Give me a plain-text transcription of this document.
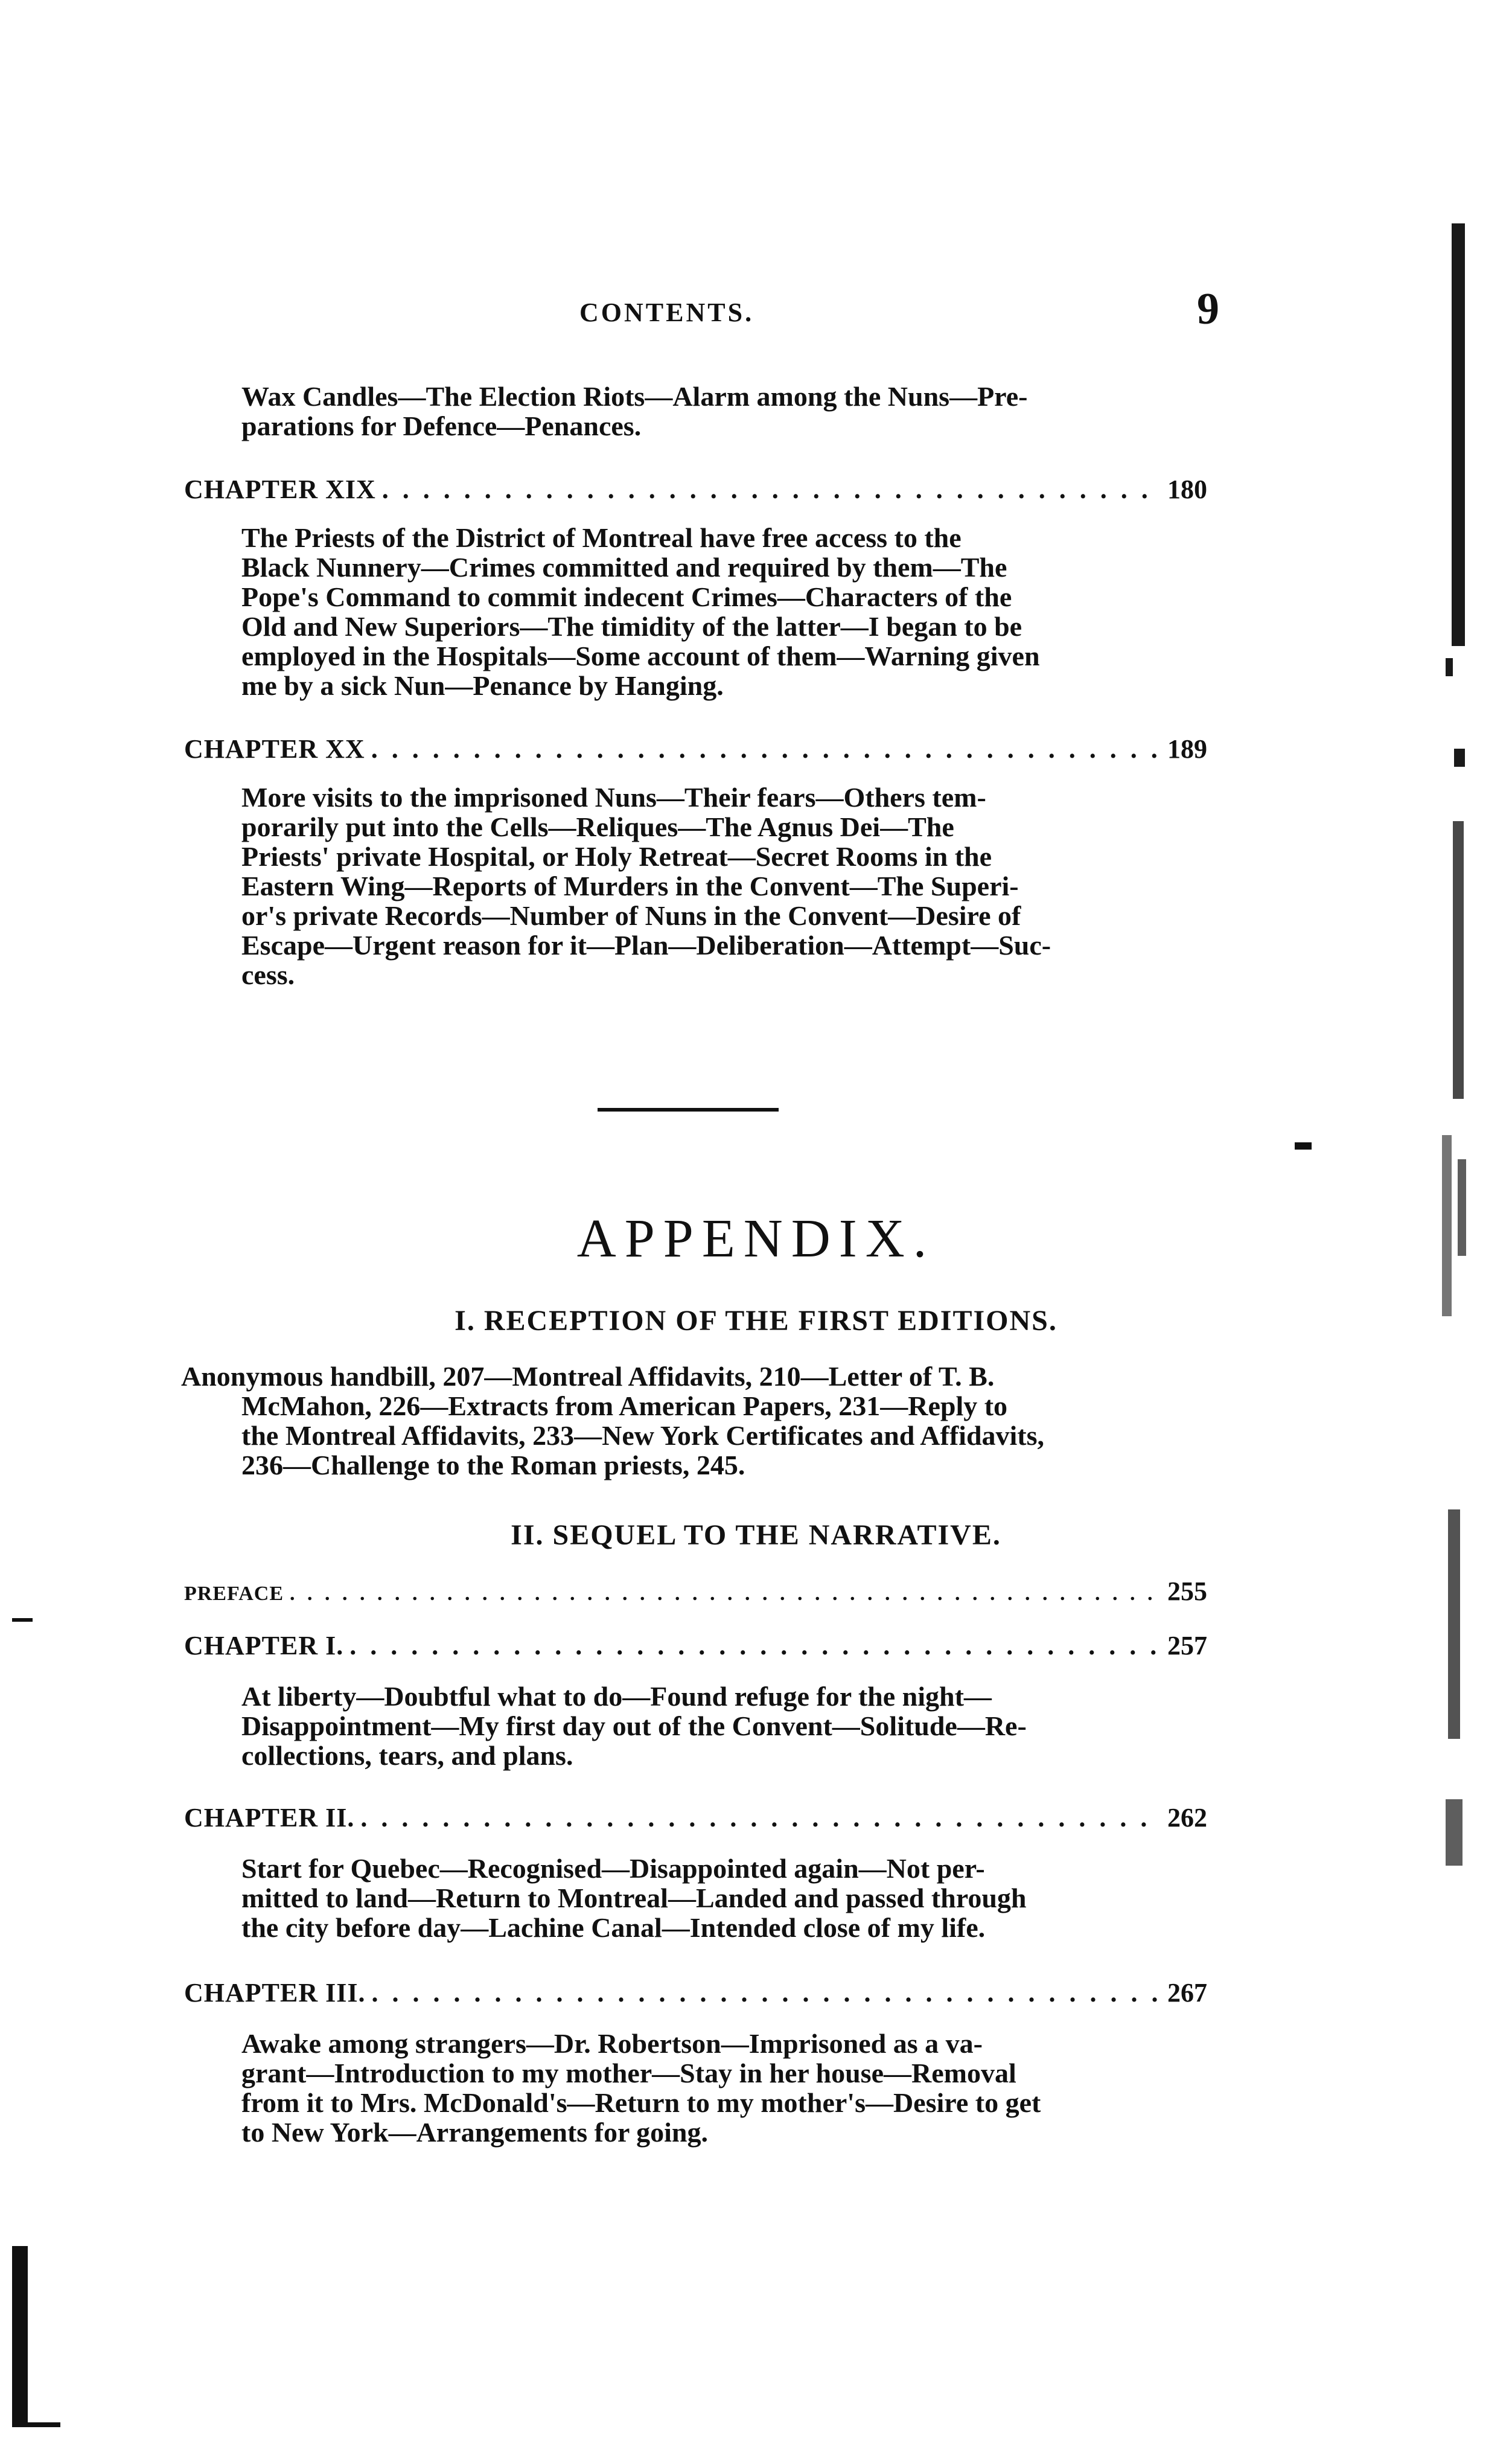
CONTENTS.	9
Wax Candles—The Election Riots—Alarm among the Nuns—Pre-
parations for Defence—Penances.
CHAPTER XIX . . .	180
The Priests of the District of Montreal have free access to the
Black Nunnery—Crimes committed and required by them—The
Pope's Command to commit indecent Crimes—Characters of the
Old and New Superiors—The timidity of the latter—I began to be
employed in the Hospitals—Some account of them—Warning given
me by a sick Nun—Penance by Hanging.
CHAPTER XX . . .	189
More visits to the imprisoned Nuns—Their fears—Others tem-
porarily put into the Cells—Reliques—The Agnus Dei—The
Priests' private Hospital, or Holy Retreat—Secret Rooms in the
Eastern Wing—Reports of Murders in the Convent—The Superi-
or's private Records—Number of Nuns in the Convent—Desire of
Escape—Urgent reason for it—Plan—Deliberation—Attempt—Suc-
cess.
APPENDIX.
I. RECEPTION OF THE FIRST EDITIONS.
Anonymous handbill, 207—Montreal Affidavits, 210—Letter of T. B.
McMahon, 226—Extracts from American Papers, 231—Reply to
the Montreal Affidavits, 233—New York Certificates and Affidavits,
236—Challenge to the Roman priests, 245.
II. SEQUEL TO THE NARRATIVE.
PREFACE . . .	255
CHAPTER I. . . .	257
At liberty—Doubtful what to do—Found refuge for the night—
Disappointment—My first day out of the Convent—Solitude—Re-
collections, tears, and plans.
CHAPTER II. . . .	262
Start for Quebec—Recognised—Disappointed again—Not per-
mitted to land—Return to Montreal—Landed and passed through
the city before day—Lachine Canal—Intended close of my life.
CHAPTER III. . . .	267
Awake among strangers—Dr. Robertson—Imprisoned as a va-
grant—Introduction to my mother—Stay in her house—Removal
from it to Mrs. McDonald's—Return to my mother's—Desire to get
to New York—Arrangements for going.
